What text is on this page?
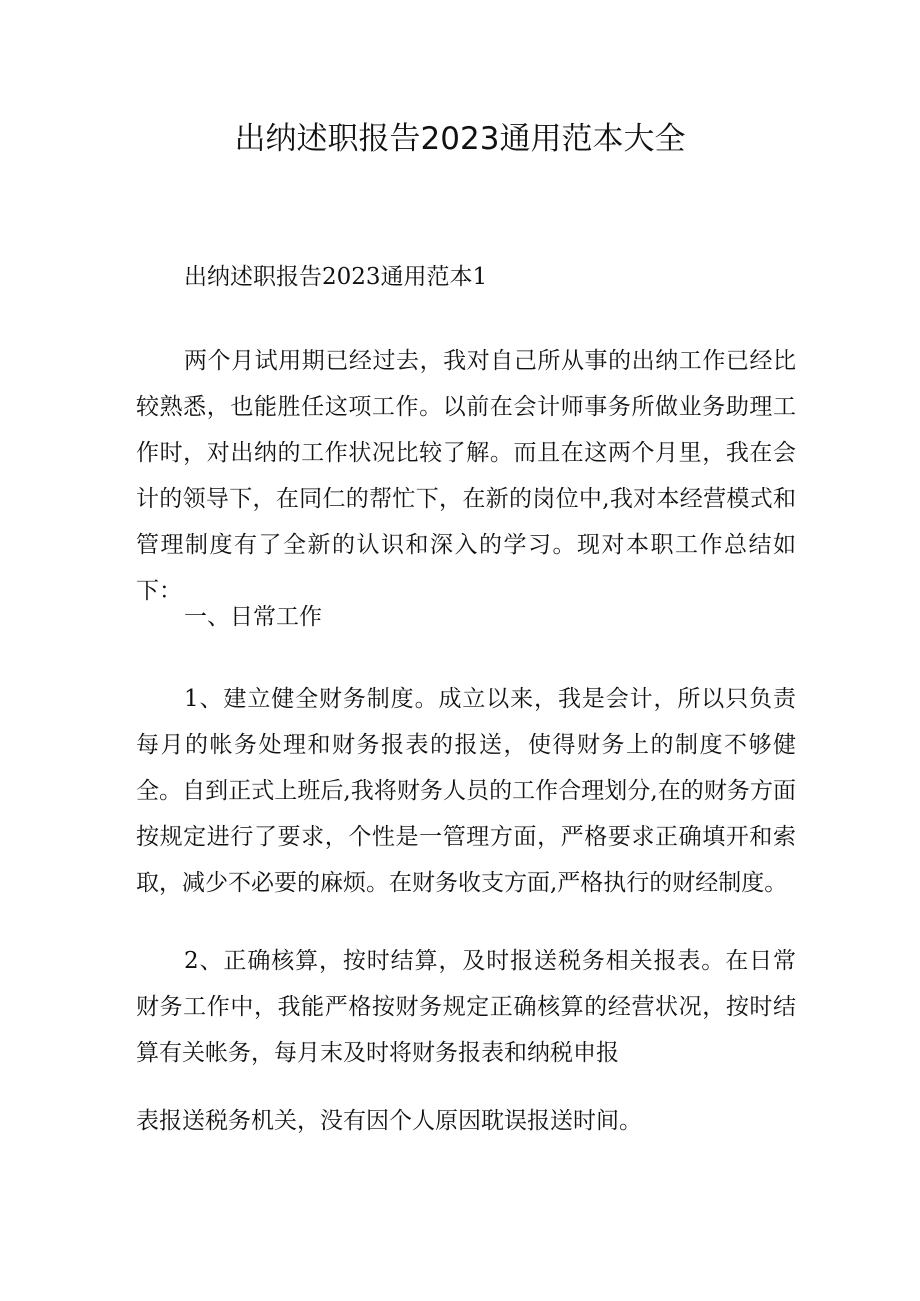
出纳述职报告2023通用范本大全

出纳述职报告2023通用范本1

两个月试用期已经过去，我对自己所从事的出纳工作已经比较熟悉，也能胜任这项工作。以前在会计师事务所做业务助理工作时，对出纳的工作状况比较了解。而且在这两个月里，我在会计的领导下，在同仁的帮忙下，在新的岗位中,我对本经营模式和管理制度有了全新的认识和深入的学习。现对本职工作总结如下：

一、日常工作

1、建立健全财务制度。成立以来，我是会计，所以只负责每月的帐务处理和财务报表的报送，使得财务上的制度不够健全。自到正式上班后,我将财务人员的工作合理划分,在的财务方面按规定进行了要求，个性是一管理方面，严格要求正确填开和索取，减少不必要的麻烦。在财务收支方面,严格执行的财经制度。

2、正确核算，按时结算，及时报送税务相关报表。在日常财务工作中，我能严格按财务规定正确核算的经营状况，按时结算有关帐务，每月末及时将财务报表和纳税申报

表报送税务机关，没有因个人原因耽误报送时间。
